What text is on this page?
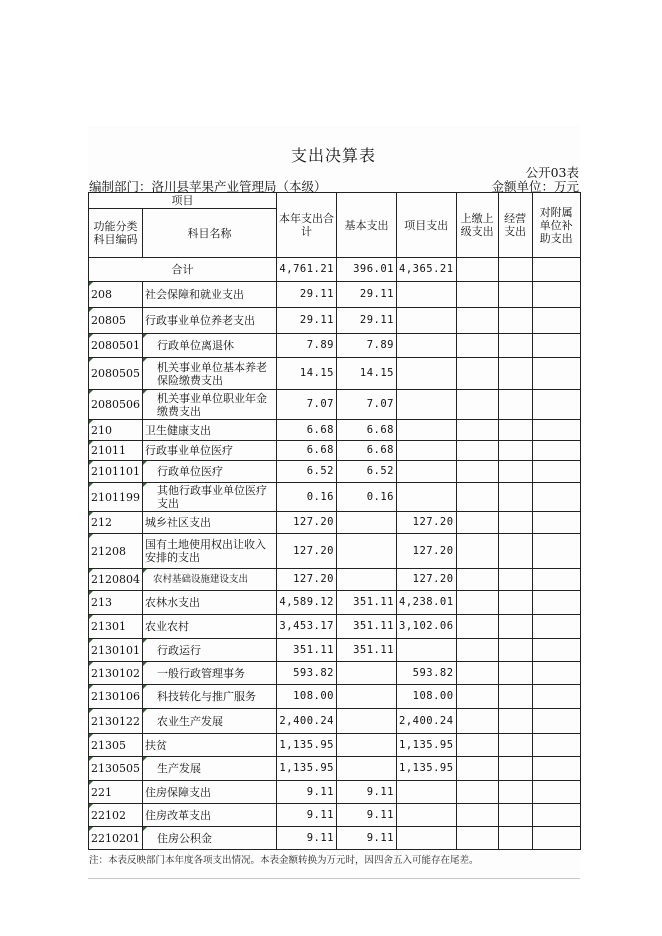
支出决算表
公开03表
编制部门：洛川县苹果产业管理局（本级）	金额单位：万元
项目		本年支出合计	基本支出	项目支出	上缴上级支出	经营支出	对附属单位补助支出
功能分类科目编码	科目名称						
合计		4,761.21	396.01	4,365.21			
208	社会保障和就业支出	29.11	29.11				
20805	行政事业单位养老支出	29.11	29.11				
2080501	行政单位离退休	7.89	7.89				
2080505	机关事业单位基本养老保险缴费支出	14.15	14.15				
2080506	机关事业单位职业年金缴费支出	7.07	7.07				
210	卫生健康支出	6.68	6.68				
21011	行政事业单位医疗	6.68	6.68				
2101101	行政单位医疗	6.52	6.52				
2101199	其他行政事业单位医疗支出	0.16	0.16				
212	城乡社区支出	127.20		127.20			
21208	国有土地使用权出让收入安排的支出	127.20		127.20			
2120804	农村基础设施建设支出	127.20		127.20			
213	农林水支出	4,589.12	351.11	4,238.01			
21301	农业农村	3,453.17	351.11	3,102.06			
2130101	行政运行	351.11	351.11				
2130102	一般行政管理事务	593.82		593.82			
2130106	科技转化与推广服务	108.00		108.00			
2130122	农业生产发展	2,400.24		2,400.24			
21305	扶贫	1,135.95		1,135.95			
2130505	生产发展	1,135.95		1,135.95			
221	住房保障支出	9.11	9.11				
22102	住房改革支出	9.11	9.11				
2210201	住房公积金	9.11	9.11				
注：本表反映部门本年度各项支出情况。本表金额转换为万元时，因四舍五入可能存在尾差。
